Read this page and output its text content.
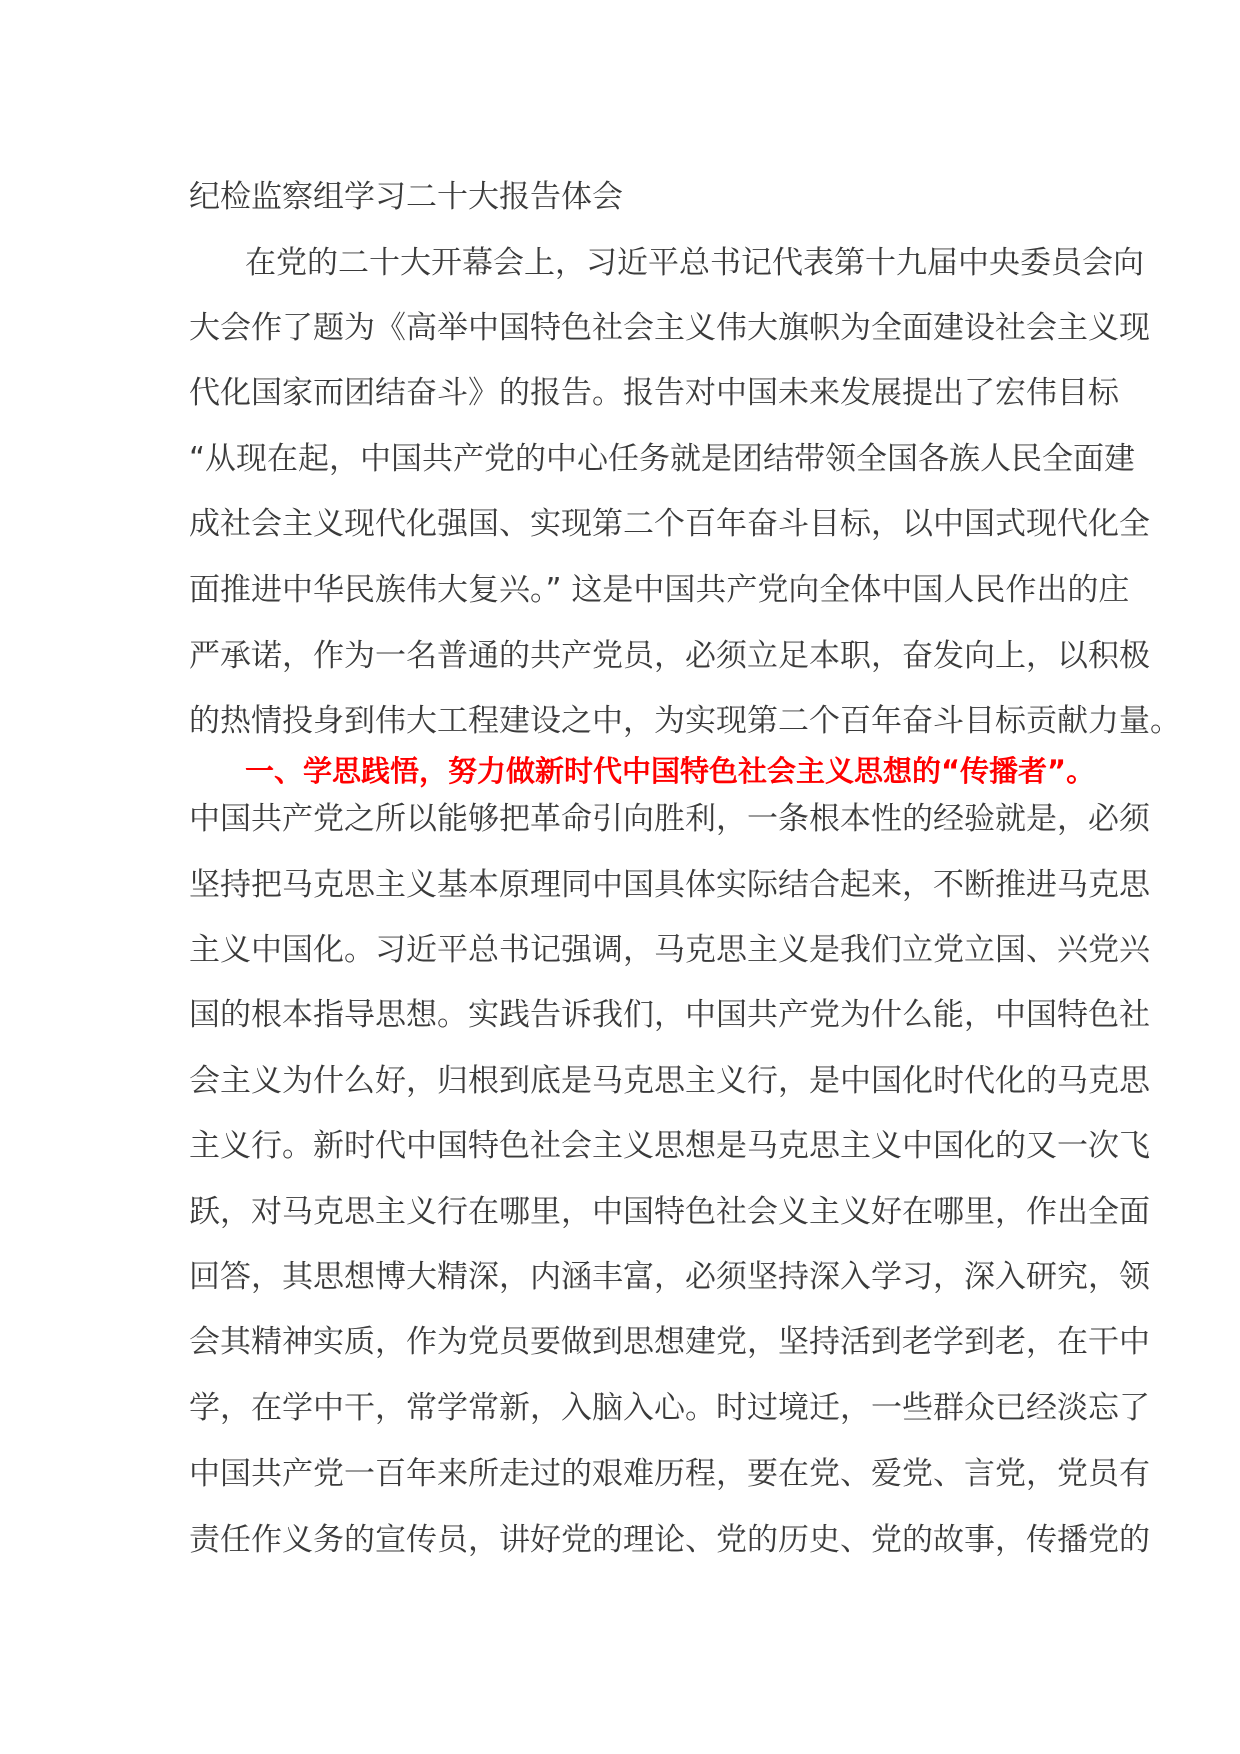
纪检监察组学习二十大报告体会
在党的二十大开幕会上，习近平总书记代表第十九届中央委员会向
大会作了题为《高举中国特色社会主义伟大旗帜为全面建设社会主义现
代化国家而团结奋斗》的报告。报告对中国未来发展提出了宏伟目标
“从现在起，中国共产党的中心任务就是团结带领全国各族人民全面建
成社会主义现代化强国、实现第二个百年奋斗目标，以中国式现代化全
面推进中华民族伟大复兴。” 这是中国共产党向全体中国人民作出的庄
严承诺，作为一名普通的共产党员，必须立足本职，奋发向上，以积极
的热情投身到伟大工程建设之中，为实现第二个百年奋斗目标贡献力量。
一、学思践悟，努力做新时代中国特色社会主义思想的“传播者”。
中国共产党之所以能够把革命引向胜利，一条根本性的经验就是，必须
坚持把马克思主义基本原理同中国具体实际结合起来，不断推进马克思
主义中国化。习近平总书记强调，马克思主义是我们立党立国、兴党兴
国的根本指导思想。实践告诉我们，中国共产党为什么能，中国特色社
会主义为什么好，归根到底是马克思主义行，是中国化时代化的马克思
主义行。新时代中国特色社会主义思想是马克思主义中国化的又一次飞
跃，对马克思主义行在哪里，中国特色社会义主义好在哪里，作出全面
回答，其思想博大精深，内涵丰富，必须坚持深入学习，深入研究，领
会其精神实质，作为党员要做到思想建党，坚持活到老学到老，在干中
学，在学中干，常学常新，入脑入心。时过境迁，一些群众已经淡忘了
中国共产党一百年来所走过的艰难历程，要在党、爱党、言党，党员有
责任作义务的宣传员，讲好党的理论、党的历史、党的故事，传播党的
